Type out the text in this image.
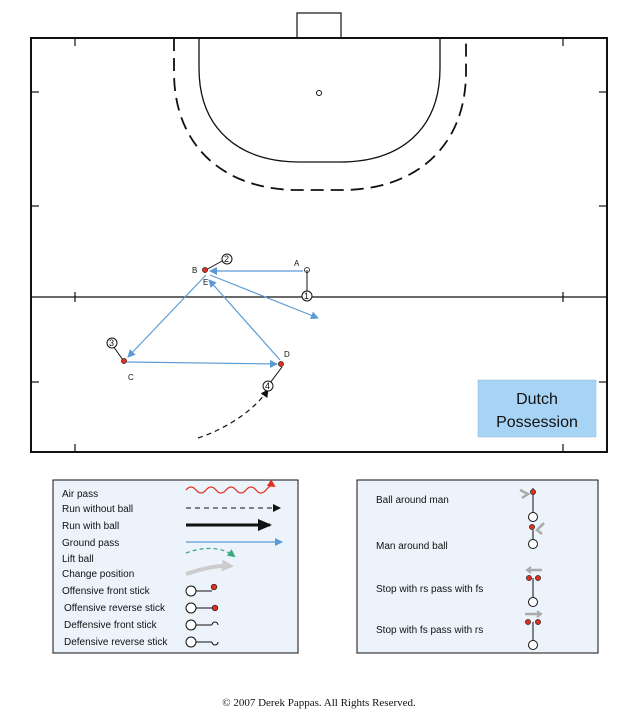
A
2
B
1
E
3
C
4
D
Dutch
Possession
Air pass
Run without ball
Run with ball
Ground pass
Lift ball
Change position
Offensive front stick
Offensive reverse stick
Deffensive front stick
Defensive reverse stick
Ball around man
Man around ball
Stop with rs pass with fs
Stop with fs pass with rs
© 2007 Derek Pappas. All Rights Reserved.
